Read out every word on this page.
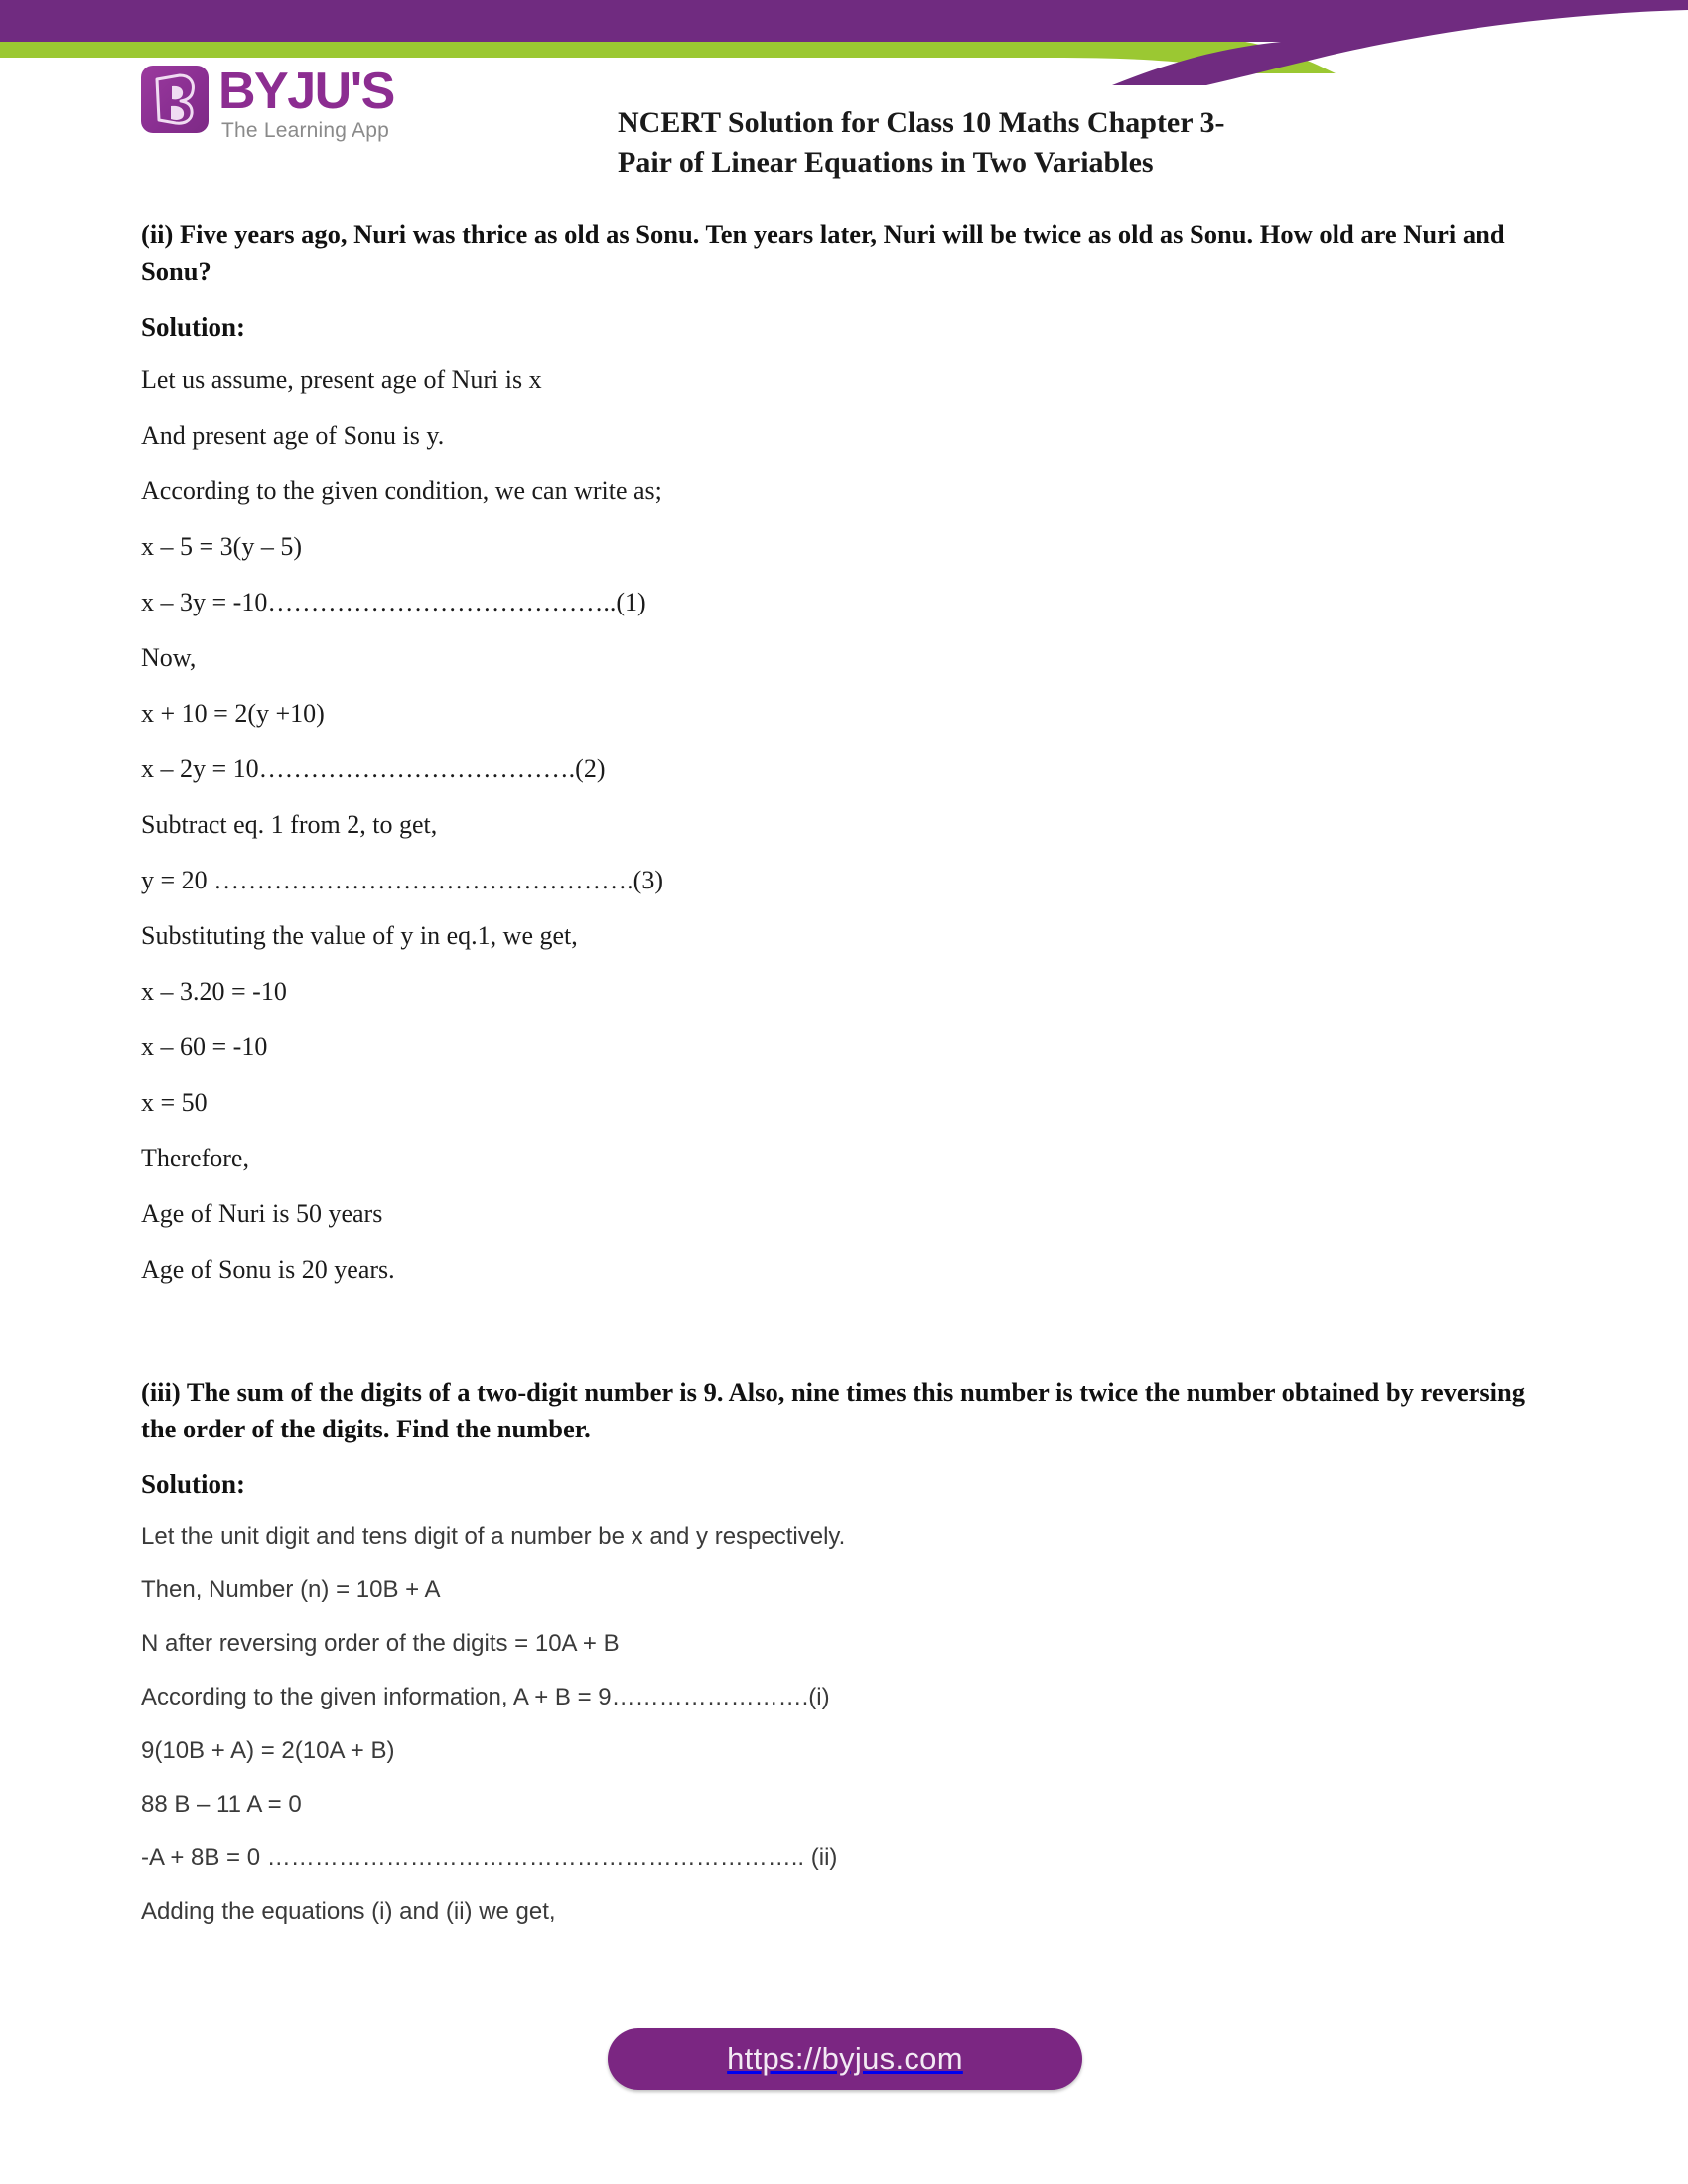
BYJU'S
The Learning App	NCERT Solution for Class 10 Maths Chapter 3-
Pair of Linear Equations in Two Variables

(ii) Five years ago, Nuri was thrice as old as Sonu. Ten years later, Nuri will be twice as old as Sonu. How old are Nuri and Sonu?

Solution:

Let us assume, present age of Nuri is x

And present age of Sonu is y.

According to the given condition, we can write as;

x – 5 = 3(y – 5)

x – 3y = -10…………………………………..(1)

Now,

x + 10 = 2(y +10)

x – 2y = 10……………………………….(2)

Subtract eq. 1 from 2, to get,

y = 20 ………………………………………….(3)

Substituting the value of y in eq.1, we get,

x – 3.20 = -10

x – 60 = -10

x = 50

Therefore,

Age of Nuri is 50 years

Age of Sonu is 20 years.

(iii) The sum of the digits of a two-digit number is 9. Also, nine times this number is twice the number obtained by reversing the order of the digits. Find the number.

Solution:

Let the unit digit and tens digit of a number be x and y respectively.

Then, Number (n) = 10B + A

N after reversing order of the digits = 10A + B

According to the given information, A + B = 9…………………….(i)

9(10B + A) = 2(10A + B)

88 B – 11 A = 0

-A + 8B = 0 ………………………………………………………….. (ii)

Adding the equations (i) and (ii) we get,

https://byjus.com
